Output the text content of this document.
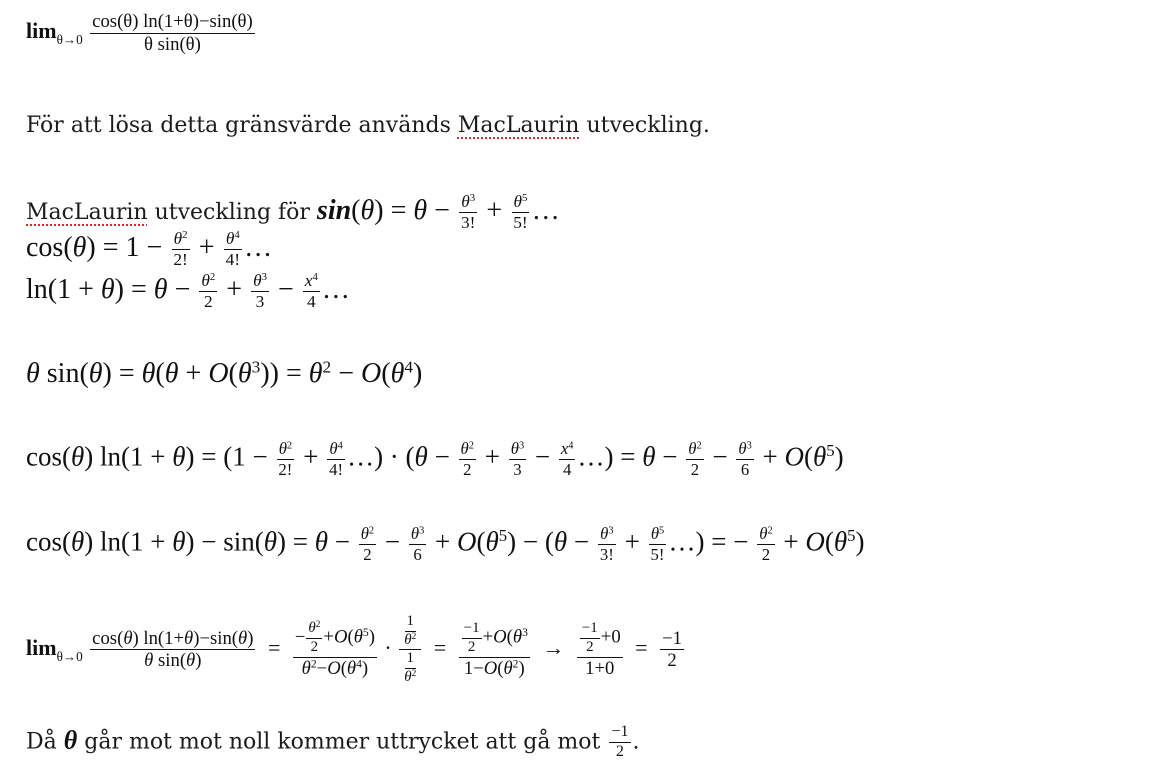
$\lim_{\theta\to 0} \frac{\cos(\theta) \ln(1+\theta)-\sin(\theta)}{\text{θ sin(θ)}}$
För att lösa detta gränsvärde används MacLaurin utveckling.
MacLaurin utveckling för $\sin(\theta) = \theta - \frac{\theta^3}{3!} + \frac{\theta^5}{5!}$ …
$\cos(\theta) = 1 - \frac{\theta^2}{2!} + \frac{\theta^4}{4!}$ …
$\ln(1 + \theta) = \theta - \frac{\theta^2}{2} + \frac{\theta^3}{3} - \frac{x^4}{4}$ …
θ $\sin(\theta) = \theta(\theta + O(\theta^3)) = \theta^2 - O(\theta^4)$
cos(θ) $\ln(1 + \theta) = (1 - \frac{\theta^2}{2!} + \frac{\theta^4}{4!}$ …) · ($\theta - \frac{\theta^2}{2} + \frac{\theta^3}{3} - \frac{x^4}{4}$ …) = $\theta - \frac{\theta^2}{2} - \frac{\theta^3}{6} + O(\theta^5)$
cos(θ) $\ln(1 + \theta) - \sin(\theta) = \theta - \frac{\theta^2}{2} - \frac{\theta^3}{6} + O(\theta^5) - (\theta - \frac{\theta^3}{3!} + \frac{\theta^5}{5!}$ …) = − $\frac{\theta^2}{2} + O(\theta^5)$
$\lim_{\theta\to 0} \frac{\cos(\theta) \ln(1+\theta)-\sin(\theta)}{\text{θ sin(θ)}} = \frac{- \frac{\theta^2}{2} +O(\theta^5)}{\theta^2-O(\theta^4)} \cdot \frac{\frac{1}{\theta^2}}{\frac{1}{\theta^2}} = \frac{\frac{-1}{2} +O(\theta^3}{1-O(\theta^2)} \to \frac{\frac{-1}{2} +0}{1+0} = \frac{-1}{2}$
Då θ går mot mot noll kommer uttrycket att gå mot $\frac{-1}{2}$ .
